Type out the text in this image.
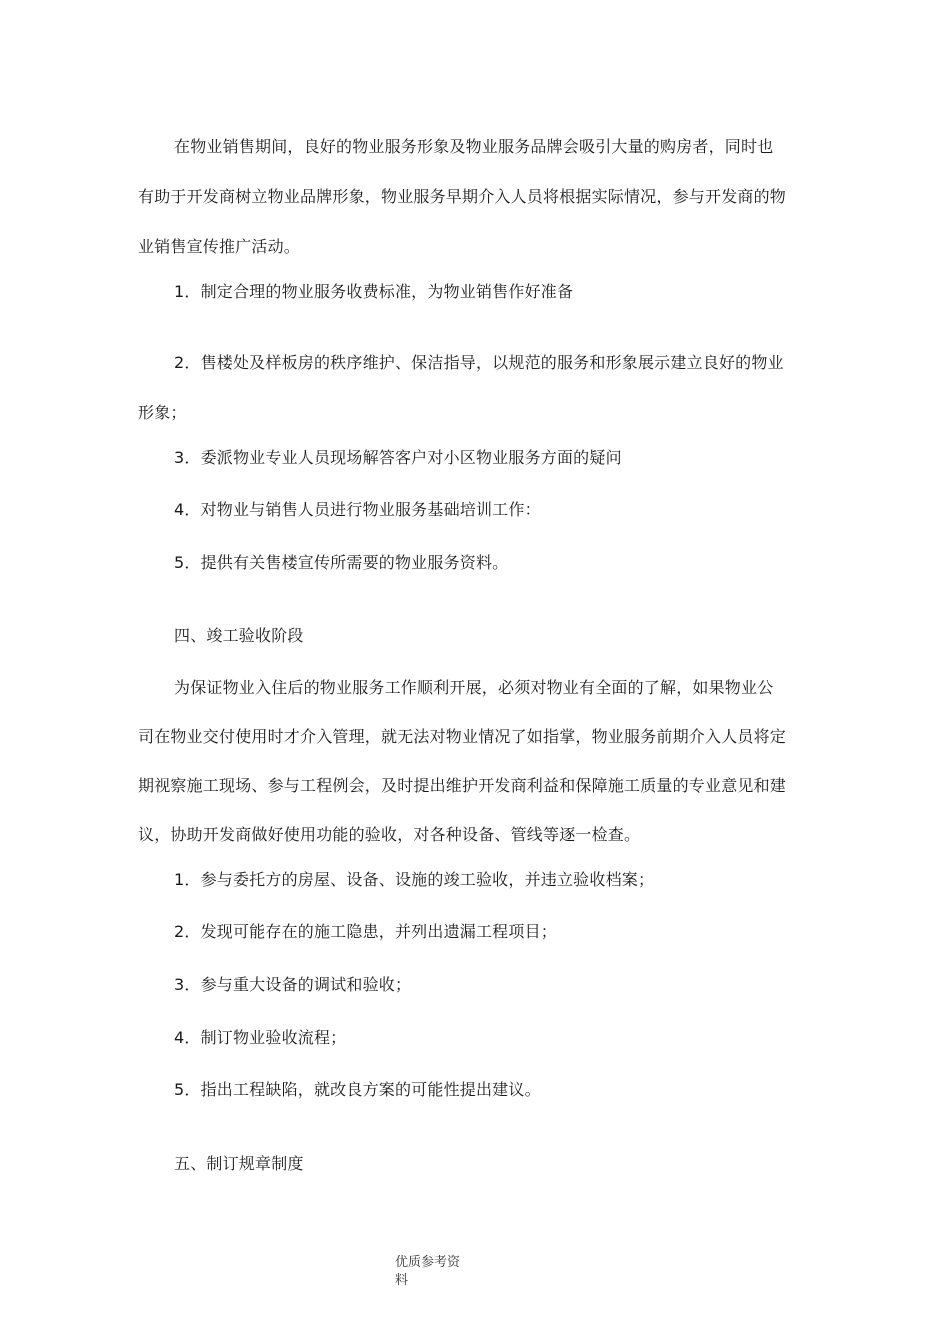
在物业销售期间，良好的物业服务形象及物业服务品牌会吸引大量的购房者，同时也
有助于开发商树立物业品牌形象，物业服务早期介入人员将根据实际情况，参与开发商的物
业销售宣传推广活动。
1．制定合理的物业服务收费标准，为物业销售作好准备
2．售楼处及样板房的秩序维护、保洁指导，以规范的服务和形象展示建立良好的物业
形象；
3．委派物业专业人员现场解答客户对小区物业服务方面的疑问
4．对物业与销售人员进行物业服务基础培训工作：
5．提供有关售楼宣传所需要的物业服务资料。
四、竣工验收阶段
为保证物业入住后的物业服务工作顺利开展，必须对物业有全面的了解，如果物业公
司在物业交付使用时才介入管理，就无法对物业情况了如指掌，物业服务前期介入人员将定
期视察施工现场、参与工程例会，及时提出维护开发商利益和保障施工质量的专业意见和建
议，协助开发商做好使用功能的验收，对各种设备、管线等逐一检查。
1．参与委托方的房屋、设备、设施的竣工验收，并违立验收档案；
2．发现可能存在的施工隐患，并列出遗漏工程项目；
3．参与重大设备的调试和验收；
4．制订物业验收流程；
5．指出工程缺陷，就改良方案的可能性提出建议。
五、制订规章制度
优质参考资
料
